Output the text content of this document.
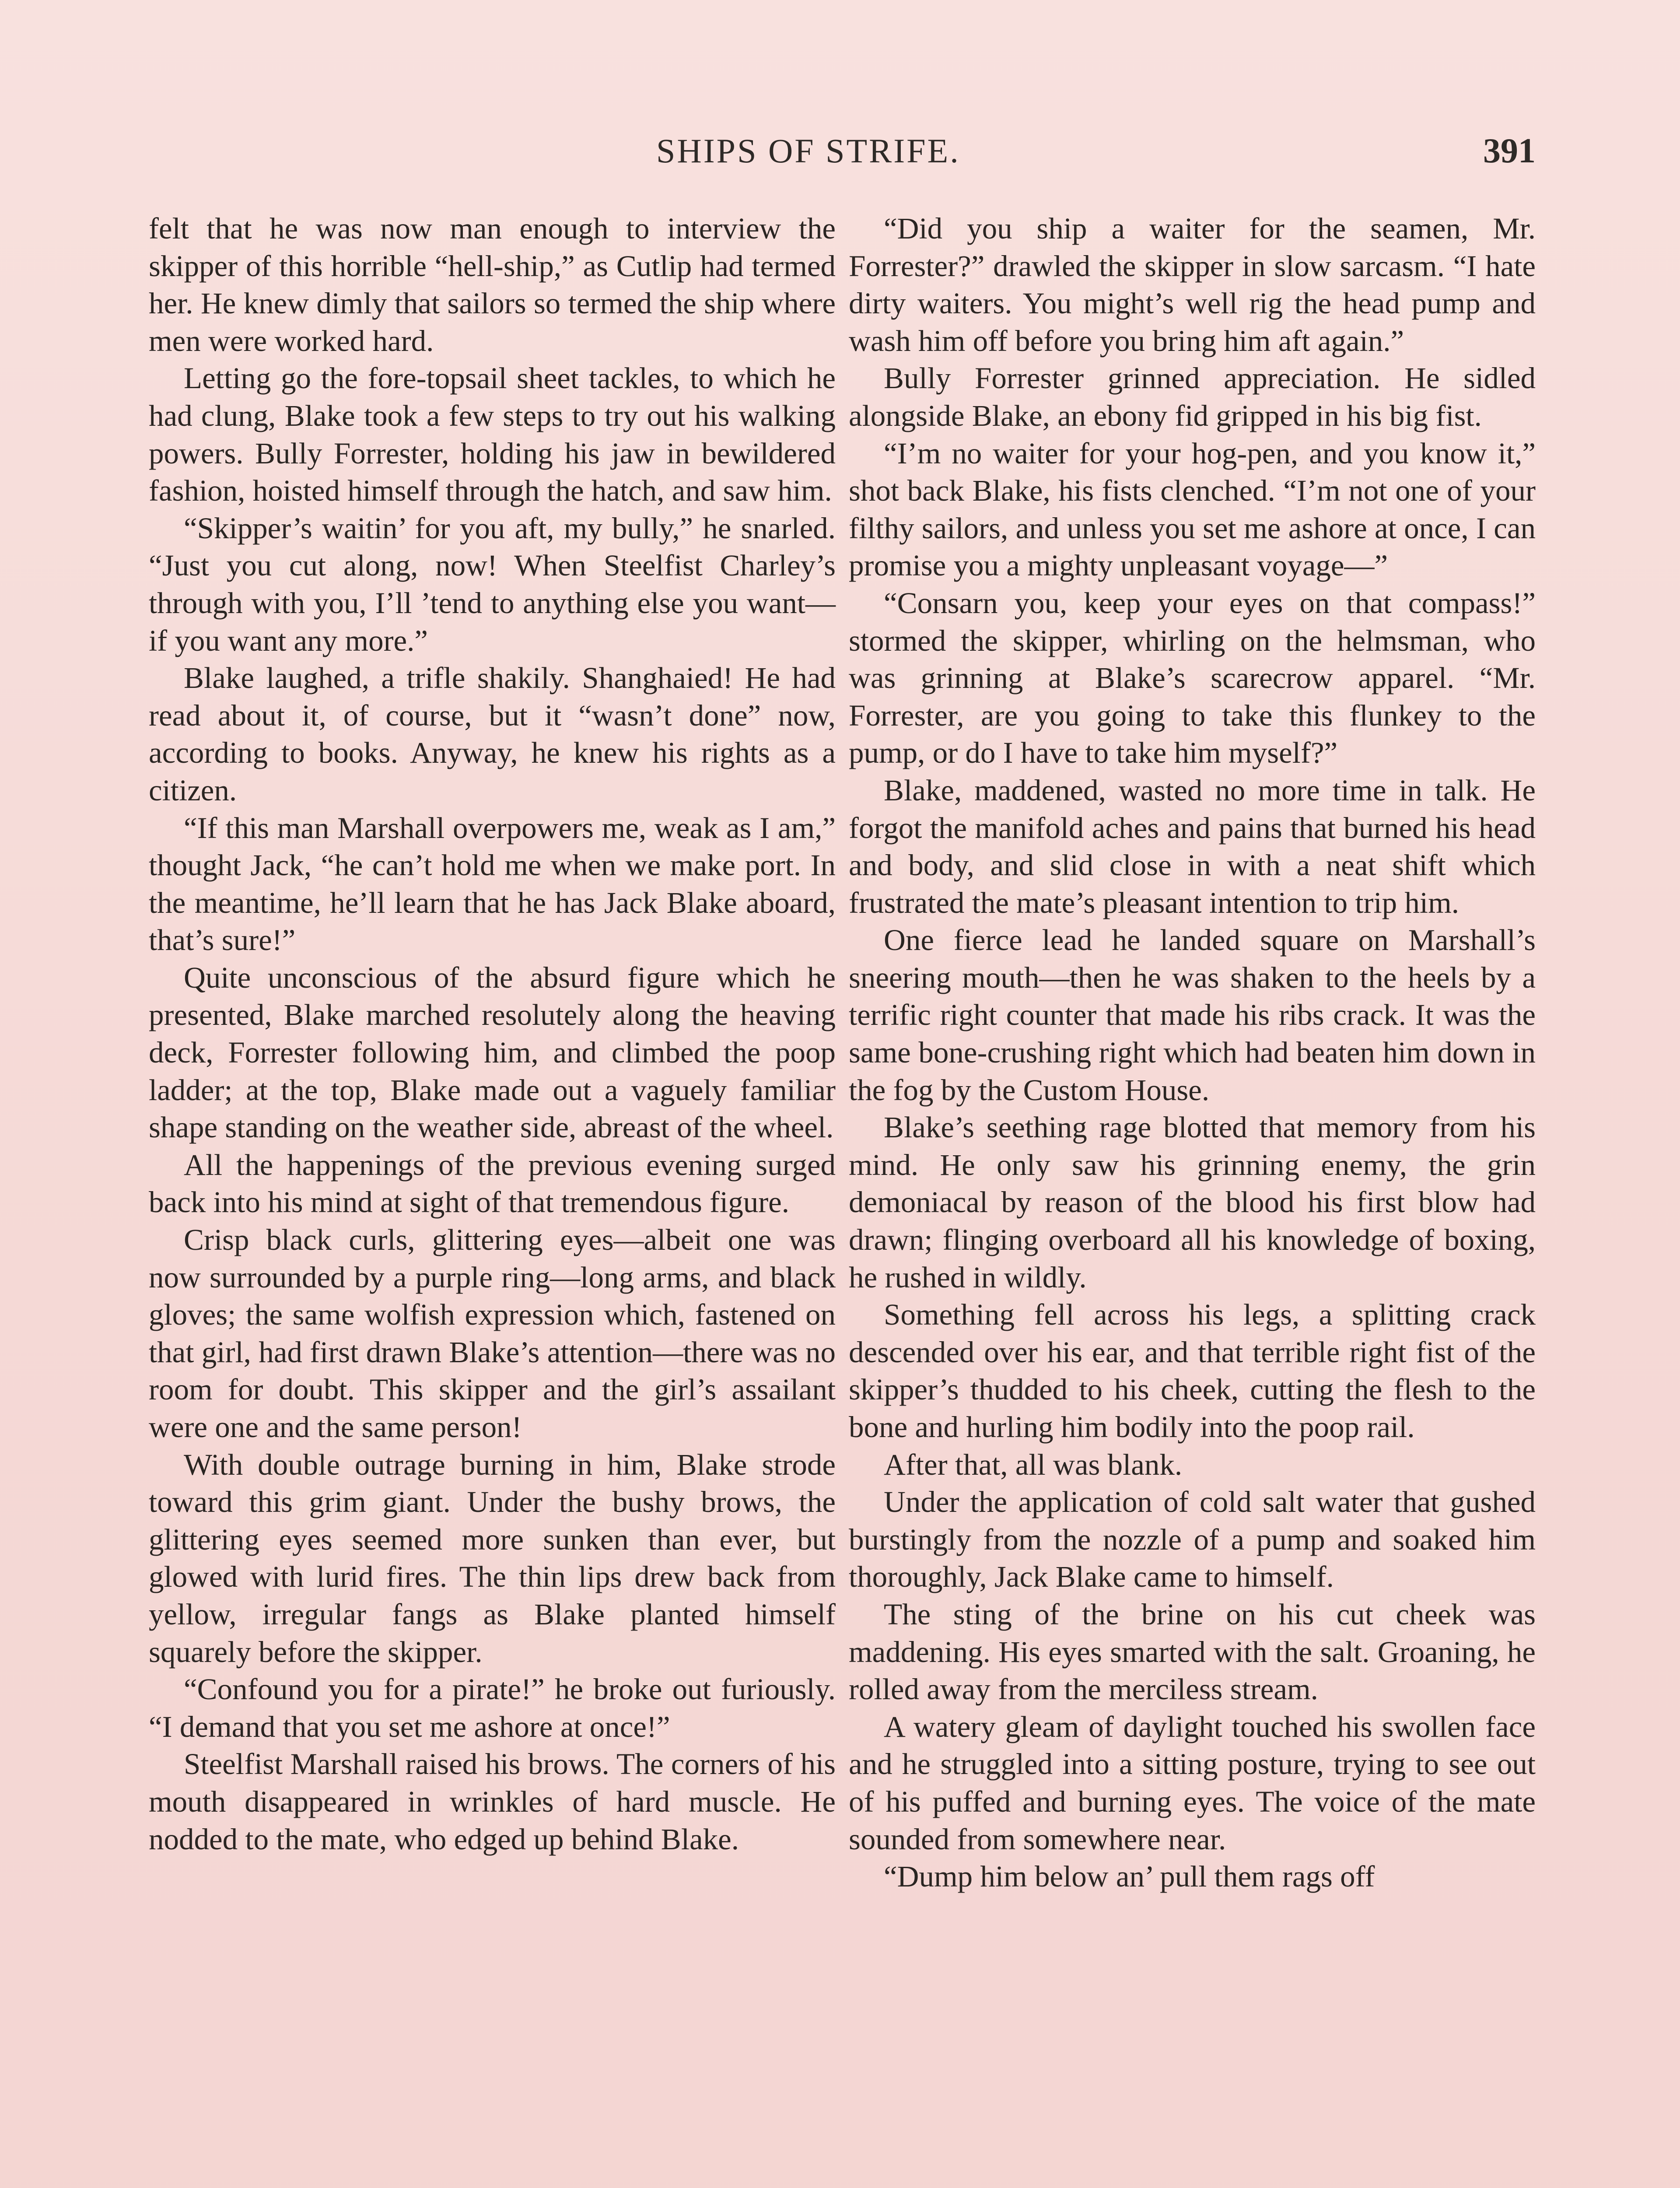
SHIPS OF STRIFE.	391

felt that he was now man enough to interview the skipper of this horrible “hell-ship,” as Cutlip had termed her. He knew dimly that sailors so termed the ship where men were worked hard.

Letting go the fore-topsail sheet tackles, to which he had clung, Blake took a few steps to try out his walking powers. Bully Forrester, holding his jaw in bewildered fashion, hoisted himself through the hatch, and saw him.

“Skipper’s waitin’ for you aft, my bully,” he snarled. “Just you cut along, now! When Steelfist Charley’s through with you, I’ll ’tend to anything else you want—if you want any more.”

Blake laughed, a trifle shakily. Shanghaied! He had read about it, of course, but it “wasn’t done” now, according to books. Anyway, he knew his rights as a citizen.

“If this man Marshall overpowers me, weak as I am,” thought Jack, “he can’t hold me when we make port. In the meantime, he’ll learn that he has Jack Blake aboard, that’s sure!”

Quite unconscious of the absurd figure which he presented, Blake marched resolutely along the heaving deck, Forrester following him, and climbed the poop ladder; at the top, Blake made out a vaguely familiar shape standing on the weather side, abreast of the wheel.

All the happenings of the previous evening surged back into his mind at sight of that tremendous figure.

Crisp black curls, glittering eyes—albeit one was now surrounded by a purple ring—long arms, and black gloves; the same wolfish expression which, fastened on that girl, had first drawn Blake’s attention—there was no room for doubt. This skipper and the girl’s assailant were one and the same person!

With double outrage burning in him, Blake strode toward this grim giant. Under the bushy brows, the glittering eyes seemed more sunken than ever, but glowed with lurid fires. The thin lips drew back from yellow, irregular fangs as Blake planted himself squarely before the skipper.

“Confound you for a pirate!” he broke out furiously. “I demand that you set me ashore at once!”

Steelfist Marshall raised his brows. The corners of his mouth disappeared in wrinkles of hard muscle. He nodded to the mate, who edged up behind Blake.

“Did you ship a waiter for the seamen, Mr. Forrester?” drawled the skipper in slow sarcasm. “I hate dirty waiters. You might’s well rig the head pump and wash him off before you bring him aft again.”

Bully Forrester grinned appreciation. He sidled alongside Blake, an ebony fid gripped in his big fist.

“I’m no waiter for your hog-pen, and you know it,” shot back Blake, his fists clenched. “I’m not one of your filthy sailors, and unless you set me ashore at once, I can promise you a mighty unpleasant voyage—”

“Consarn you, keep your eyes on that compass!” stormed the skipper, whirling on the helmsman, who was grinning at Blake’s scarecrow apparel. “Mr. Forrester, are you going to take this flunkey to the pump, or do I have to take him myself?”

Blake, maddened, wasted no more time in talk. He forgot the manifold aches and pains that burned his head and body, and slid close in with a neat shift which frustrated the mate’s pleasant intention to trip him.

One fierce lead he landed square on Marshall’s sneering mouth—then he was shaken to the heels by a terrific right counter that made his ribs crack. It was the same bone-crushing right which had beaten him down in the fog by the Custom House.

Blake’s seething rage blotted that memory from his mind. He only saw his grinning enemy, the grin demoniacal by reason of the blood his first blow had drawn; flinging overboard all his knowledge of boxing, he rushed in wildly.

Something fell across his legs, a splitting crack descended over his ear, and that terrible right fist of the skipper’s thudded to his cheek, cutting the flesh to the bone and hurling him bodily into the poop rail.

After that, all was blank.

Under the application of cold salt water that gushed burstingly from the nozzle of a pump and soaked him thoroughly, Jack Blake came to himself.

The sting of the brine on his cut cheek was maddening. His eyes smarted with the salt. Groaning, he rolled away from the merciless stream.

A watery gleam of daylight touched his swollen face and he struggled into a sitting posture, trying to see out of his puffed and burning eyes. The voice of the mate sounded from somewhere near.

“Dump him below an’ pull them rags off
